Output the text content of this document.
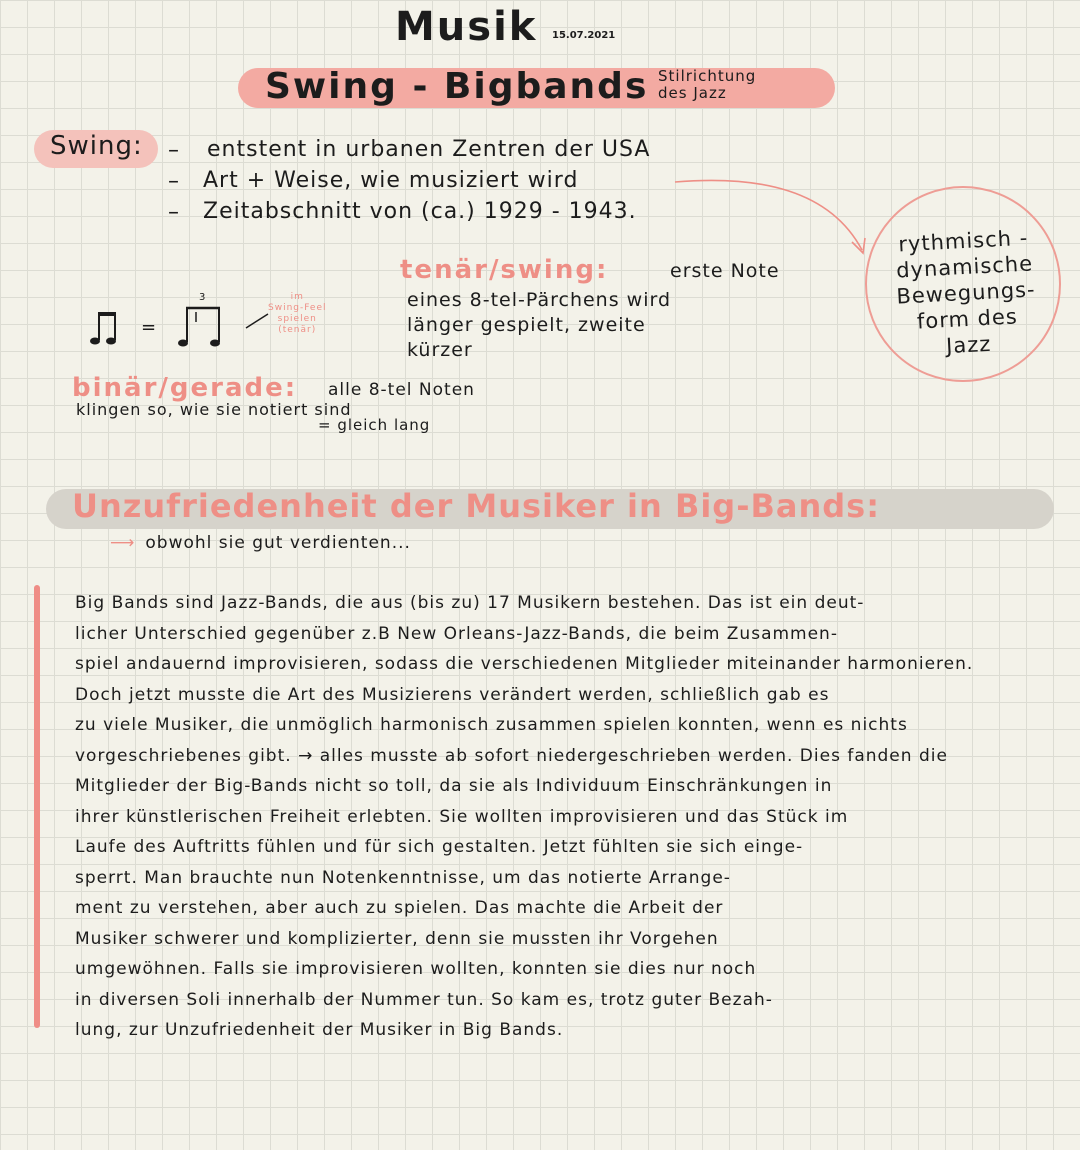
Musik 15.07.2021
Swing - Bigbands Stilrichtung
des Jazz
Swing: – entstent in urbanen Zentren der USA
– Art + Weise, wie musiziert wird
– Zeitabschnitt von (ca.) 1929 - 1943.
rythmisch -
dynamische
Bewegungs-
form des
Jazz
tenär/swing:	erste Note
eines 8-tel-Pärchens wird
länger gespielt, zweite
kürzer
=
3	im
Swing-Feel
spielen
(tenär)
binär/gerade: alle 8-tel Noten
klingen so, wie sie notiert sind
= gleich lang
Unzufriedenheit der Musiker in Big-Bands:
⟶ obwohl sie gut verdienten...
Big Bands sind Jazz-Bands, die aus (bis zu) 17 Musikern bestehen. Das ist ein deut-
licher Unterschied gegenüber z.B New Orleans-Jazz-Bands, die beim Zusammen-
spiel andauernd improvisieren, sodass die verschiedenen Mitglieder miteinander harmonieren.
Doch jetzt musste die Art des Musizierens verändert werden, schließlich gab es
zu viele Musiker, die unmöglich harmonisch zusammen spielen konnten, wenn es nichts
vorgeschriebenes gibt. → alles musste ab sofort niedergeschrieben werden. Dies fanden die
Mitglieder der Big-Bands nicht so toll, da sie als Individuum Einschränkungen in
ihrer künstlerischen Freiheit erlebten. Sie wollten improvisieren und das Stück im
Laufe des Auftritts fühlen und für sich gestalten. Jetzt fühlten sie sich einge-
sperrt. Man brauchte nun Notenkenntnisse, um das notierte Arrange-
ment zu verstehen, aber auch zu spielen. Das machte die Arbeit der
Musiker schwerer und komplizierter, denn sie mussten ihr Vorgehen
umgewöhnen. Falls sie improvisieren wollten, konnten sie dies nur noch
in diversen Soli innerhalb der Nummer tun. So kam es, trotz guter Bezah-
lung, zur Unzufriedenheit der Musiker in Big Bands.
